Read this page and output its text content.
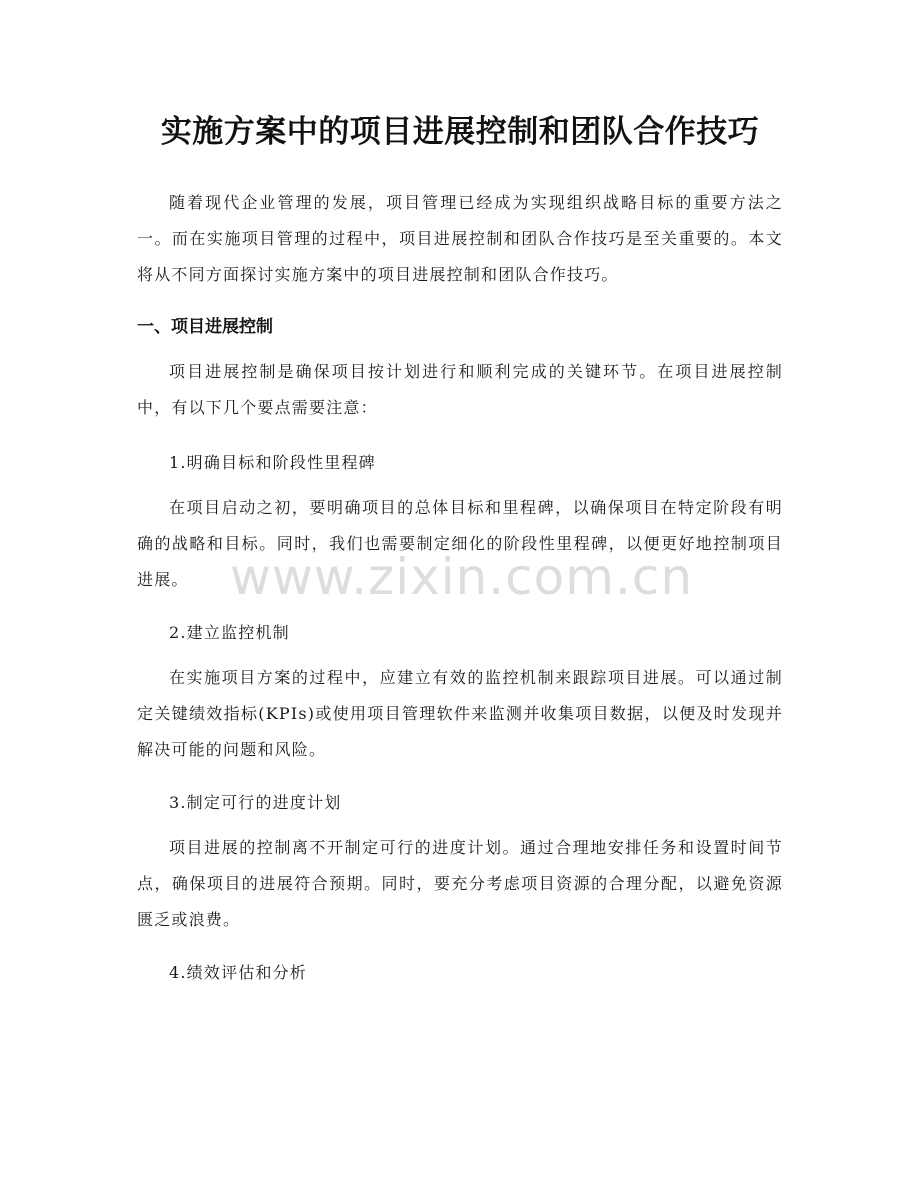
实施方案中的项目进展控制和团队合作技巧

随着现代企业管理的发展，项目管理已经成为实现组织战略目标的重要方法之一。而在实施项目管理的过程中，项目进展控制和团队合作技巧是至关重要的。本文将从不同方面探讨实施方案中的项目进展控制和团队合作技巧。

一、项目进展控制

项目进展控制是确保项目按计划进行和顺利完成的关键环节。在项目进展控制中，有以下几个要点需要注意：

1.明确目标和阶段性里程碑

在项目启动之初，要明确项目的总体目标和里程碑，以确保项目在特定阶段有明确的战略和目标。同时，我们也需要制定细化的阶段性里程碑，以便更好地控制项目进展。

2.建立监控机制

在实施项目方案的过程中，应建立有效的监控机制来跟踪项目进展。可以通过制定关键绩效指标(KPIs)或使用项目管理软件来监测并收集项目数据，以便及时发现并解决可能的问题和风险。

3.制定可行的进度计划

项目进展的控制离不开制定可行的进度计划。通过合理地安排任务和设置时间节点，确保项目的进展符合预期。同时，要充分考虑项目资源的合理分配，以避免资源匮乏或浪费。

4.绩效评估和分析

www.zixin.com.cn
